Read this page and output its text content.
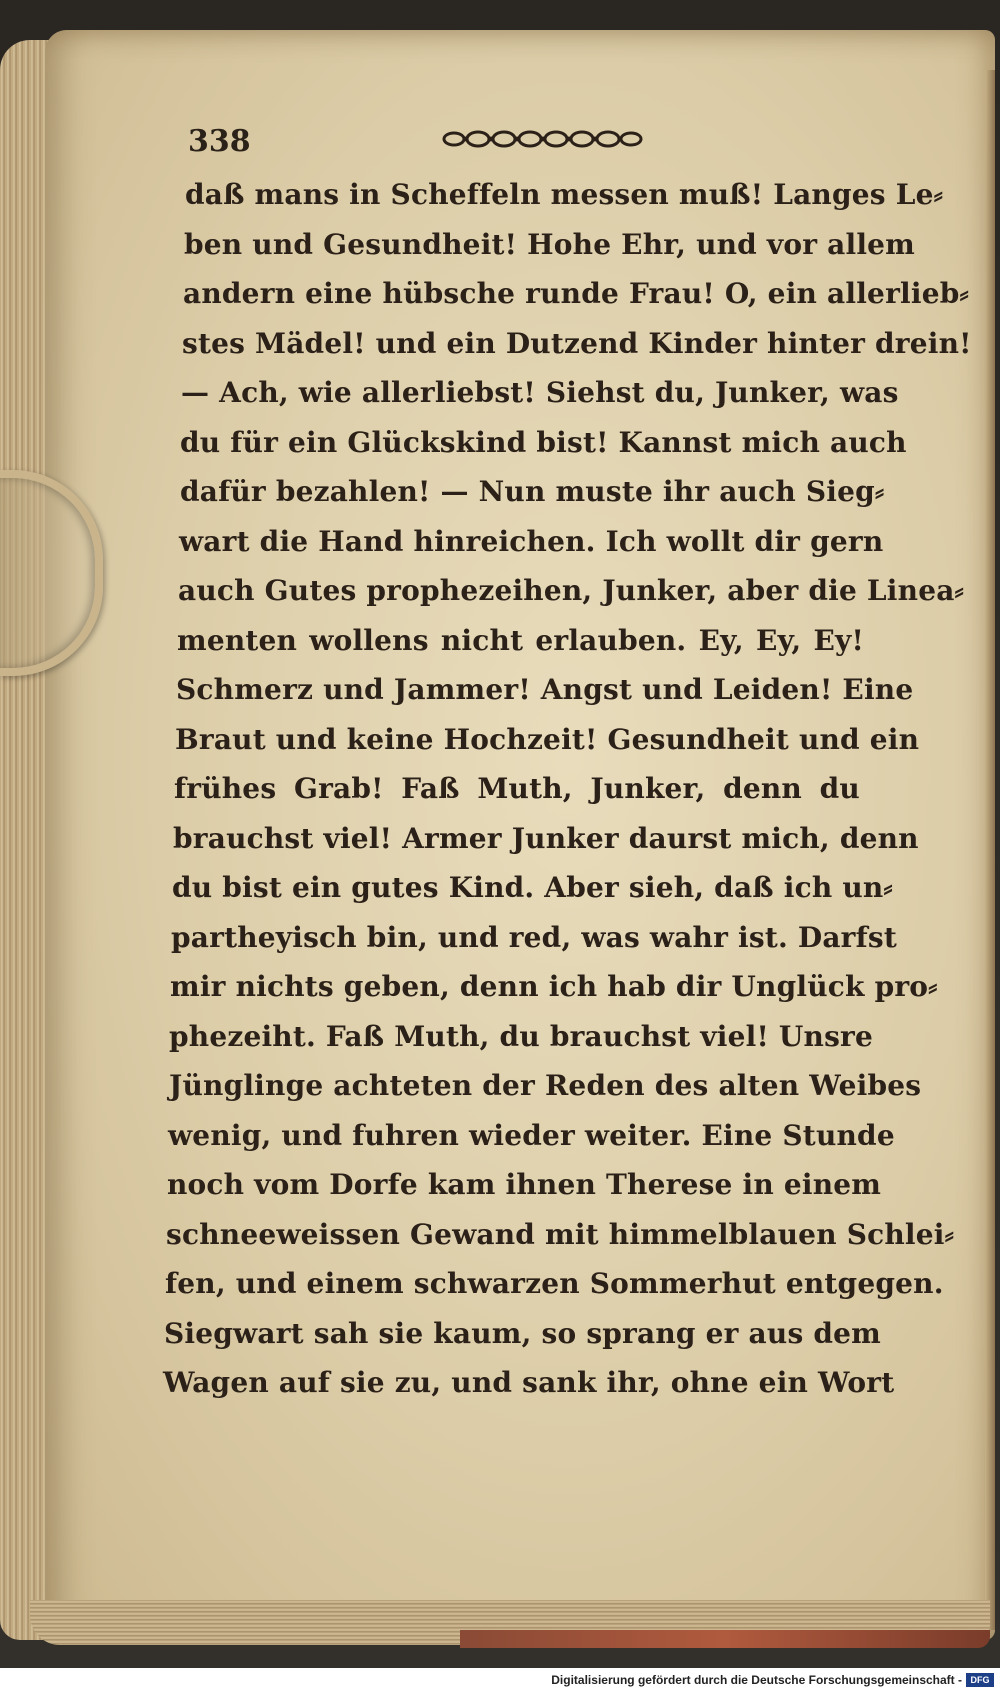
338
daß mans in Scheffeln messen muß! Langes Le⸗
ben und Gesundheit! Hohe Ehr, und vor allem
andern eine hübsche runde Frau! O, ein allerlieb⸗
stes Mädel! und ein Dutzend Kinder hinter drein!
— Ach, wie allerliebst! Siehst du, Junker, was
du für ein Glückskind bist! Kannst mich auch
dafür bezahlen! — Nun muste ihr auch Sieg⸗
wart die Hand hinreichen. Ich wollt dir gern
auch Gutes prophezeihen, Junker, aber die Linea⸗
menten wollens nicht erlauben. Ey, Ey, Ey!
Schmerz und Jammer! Angst und Leiden! Eine
Braut und keine Hochzeit! Gesundheit und ein
frühes Grab! Faß Muth, Junker, denn du
brauchst viel! Armer Junker daurst mich, denn
du bist ein gutes Kind. Aber sieh, daß ich un⸗
partheyisch bin, und red, was wahr ist. Darfst
mir nichts geben, denn ich hab dir Unglück pro⸗
phezeiht. Faß Muth, du brauchst viel! Unsre
Jünglinge achteten der Reden des alten Weibes
wenig, und fuhren wieder weiter. Eine Stunde
noch vom Dorfe kam ihnen Therese in einem
schneeweissen Gewand mit himmelblauen Schlei⸗
fen, und einem schwarzen Sommerhut entgegen.
Siegwart sah sie kaum, so sprang er aus dem
Wagen auf sie zu, und sank ihr, ohne ein Wort
Digitalisierung gefördert durch die Deutsche Forschungsgemeinschaft - DFG
